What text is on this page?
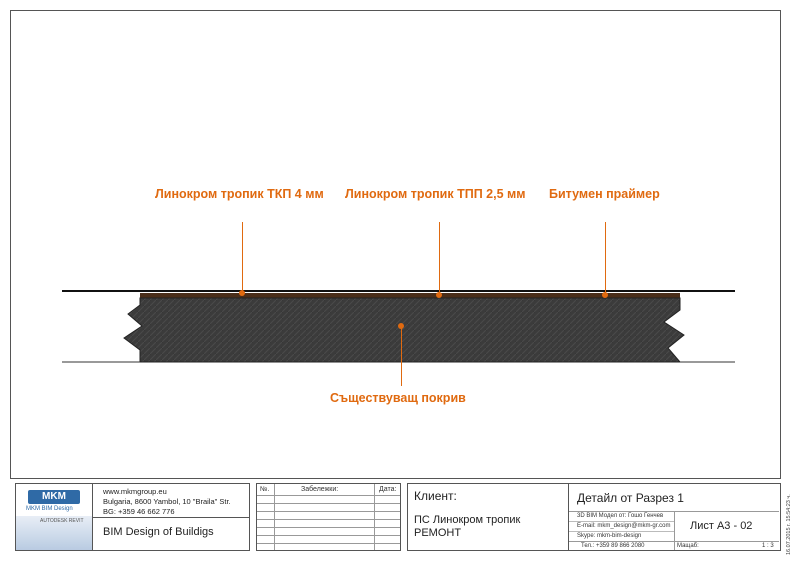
Линокром тропик ТКП 4 мм Линокром тропик ТПП 2,5 мм Битумен праймер
Съществуващ покрив
MKM
MKM BIM Design
AUTODESK REVIT
www.mkmgroup.eu
Bulgaria, 8600 Yambol, 10 "Braila" Str.
BG: +359 46 662 776
BIM Design of Buildigs
№.	Забележки:	Дата: Клиент:
ПС Линокром тропик
РЕМОНТ
Детайл от Разрез 1
3D BIM Модел от: Гошо Генчев
E-mail: mkm_design@mkm-gr.com
Skype: mkm-bim-design
Тел.: +359 89 866 2080
Лист А3 - 02
Мащаб:	1 : 3 16.07.2015 г. 15:54:23 ч.
